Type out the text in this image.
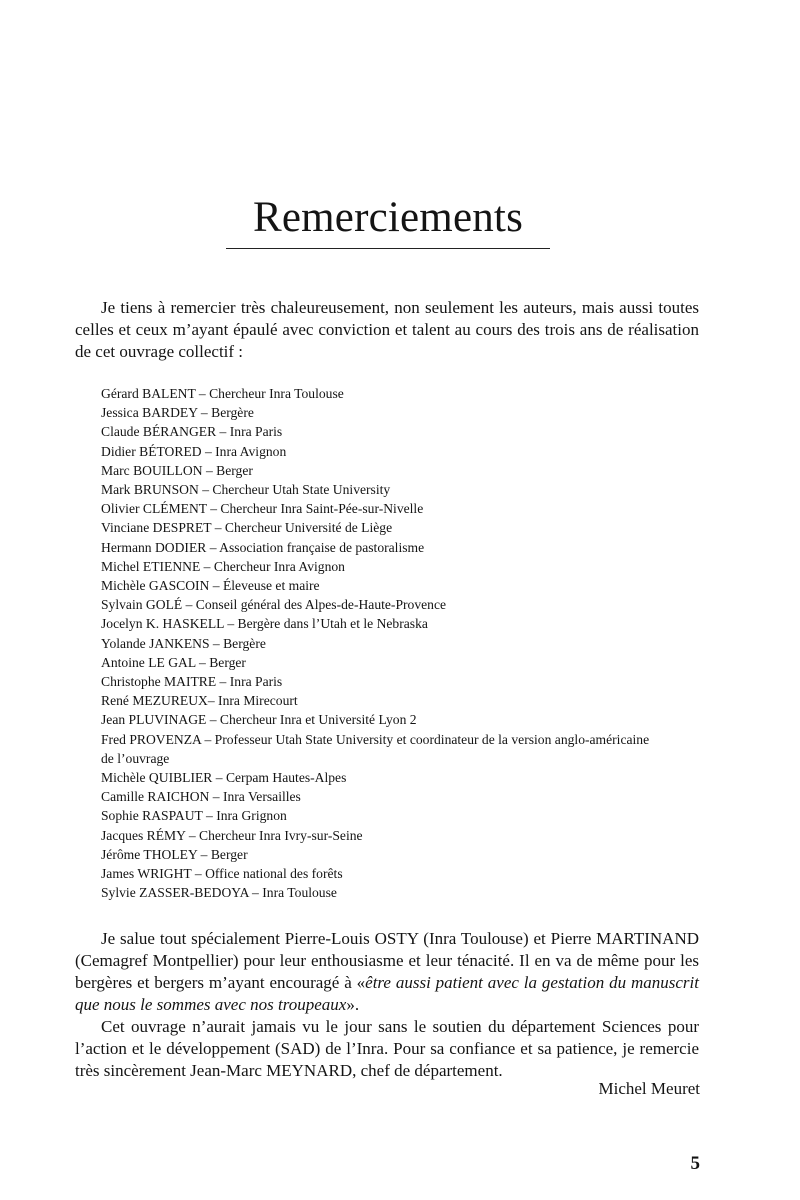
Remerciements

Je tiens à remercier très chaleureusement, non seulement les auteurs, mais aussi toutes celles et ceux m’ayant épaulé avec conviction et talent au cours des trois ans de réalisation de cet ouvrage collectif :

Gérard BALENT – Chercheur Inra Toulouse
Jessica BARDEY – Bergère
Claude BÉRANGER – Inra Paris
Didier BÉTORED – Inra Avignon
Marc BOUILLON – Berger
Mark BRUNSON – Chercheur Utah State University
Olivier CLÉMENT – Chercheur Inra Saint-Pée-sur-Nivelle
Vinciane DESPRET – Chercheur Université de Liège
Hermann DODIER – Association française de pastoralisme
Michel ETIENNE – Chercheur Inra Avignon
Michèle GASCOIN – Éleveuse et maire
Sylvain GOLÉ – Conseil général des Alpes-de-Haute-Provence
Jocelyn K. HASKELL – Bergère dans l’Utah et le Nebraska
Yolande JANKENS – Bergère
Antoine LE GAL – Berger
Christophe MAITRE – Inra Paris
René MEZUREUX– Inra Mirecourt
Jean PLUVINAGE – Chercheur Inra et Université Lyon 2
Fred PROVENZA – Professeur Utah State University et coordinateur de la version anglo-américaine
de l’ouvrage
Michèle QUIBLIER – Cerpam Hautes-Alpes
Camille RAICHON – Inra Versailles
Sophie RASPAUT – Inra Grignon
Jacques RÉMY – Chercheur Inra Ivry-sur-Seine
Jérôme THOLEY – Berger
James WRIGHT – Office national des forêts
Sylvie ZASSER-BEDOYA – Inra Toulouse

Je salue tout spécialement Pierre-Louis OSTY (Inra Toulouse) et Pierre MARTINAND (Cemagref Montpellier) pour leur enthousiasme et leur ténacité. Il en va de même pour les bergères et bergers m’ayant encouragé à «être aussi patient avec la gestation du manuscrit que nous le sommes avec nos troupeaux».

Cet ouvrage n’aurait jamais vu le jour sans le soutien du département Sciences pour l’action et le développement (SAD) de l’Inra. Pour sa confiance et sa patience, je remercie très sincèrement Jean-Marc MEYNARD, chef de département.

Michel Meuret

5
